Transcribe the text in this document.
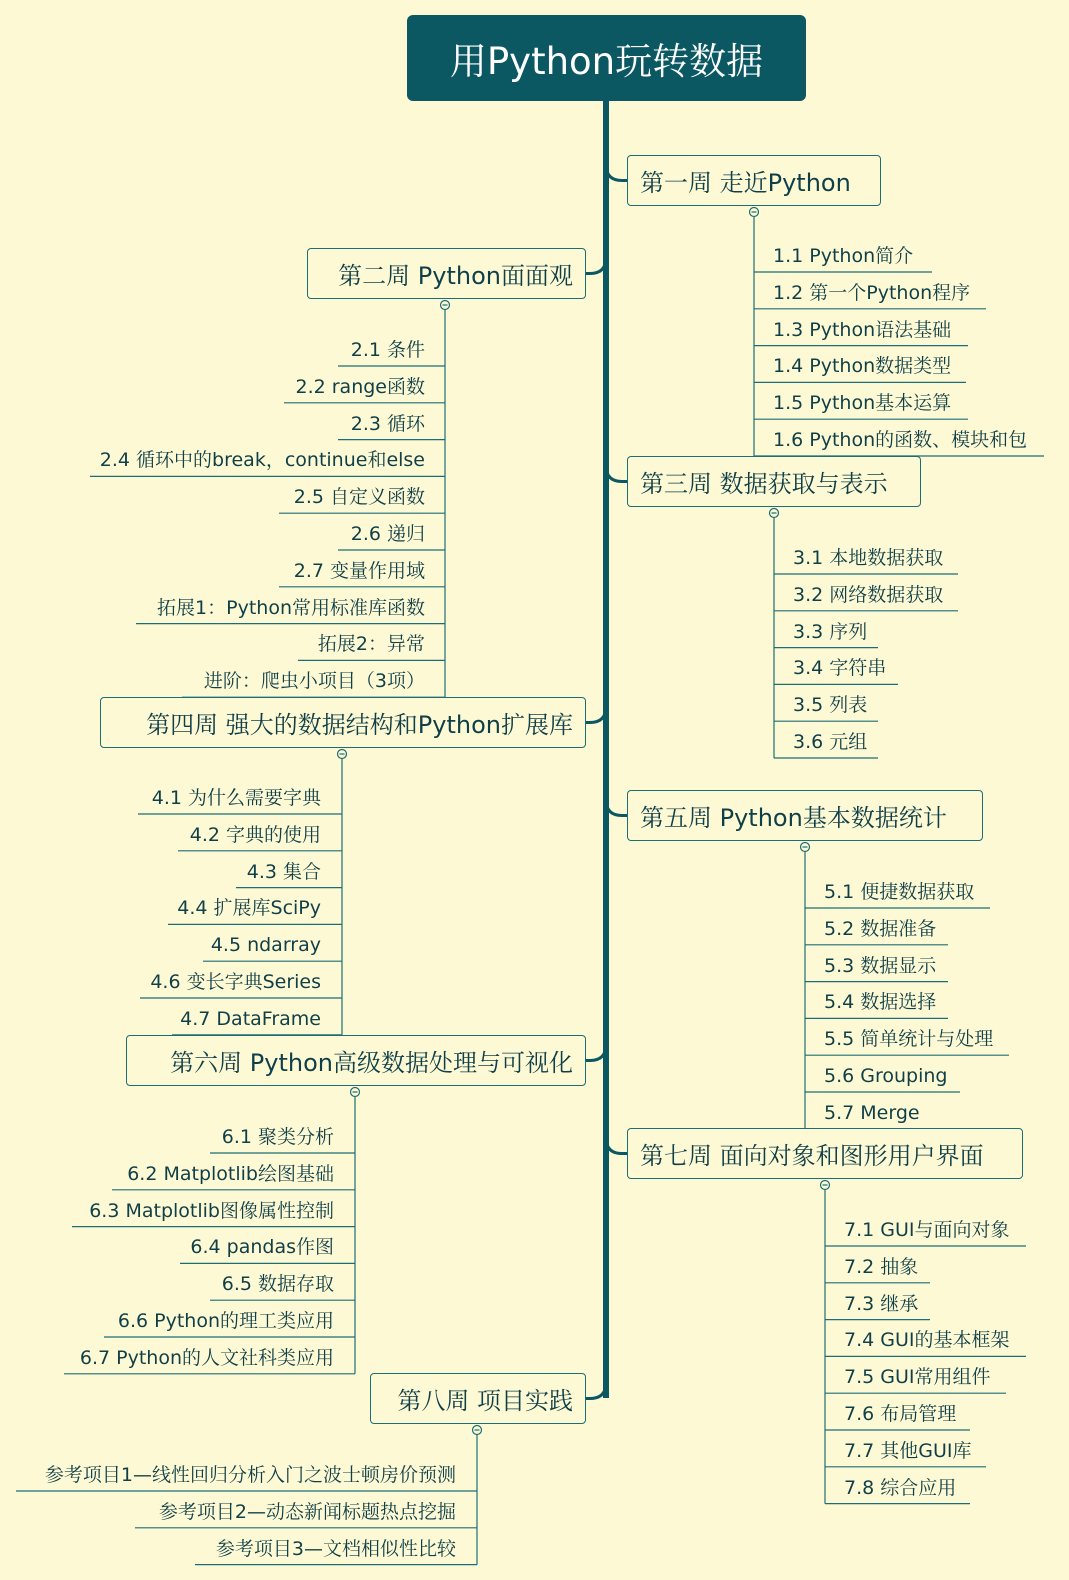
用Python玩转数据
第一周 走近Python
1.1 Python简介
1.2 第一个Python程序
1.3 Python语法基础
1.4 Python数据类型
1.5 Python基本运算
1.6 Python的函数、模块和包
第二周 Python面面观
2.1 条件
2.2 range函数
2.3 循环
2.4 循环中的break，continue和else
2.5 自定义函数
2.6 递归
2.7 变量作用域
拓展1：Python常用标准库函数
拓展2：异常
进阶：爬虫小项目（3项）
第三周 数据获取与表示
3.1 本地数据获取
3.2 网络数据获取
3.3 序列
3.4 字符串
3.5 列表
3.6 元组
第四周 强大的数据结构和Python扩展库
4.1 为什么需要字典
4.2 字典的使用
4.3 集合
4.4 扩展库SciPy
4.5 ndarray
4.6 变长字典Series
4.7 DataFrame
第五周 Python基本数据统计
5.1 便捷数据获取
5.2 数据准备
5.3 数据显示
5.4 数据选择
5.5 简单统计与处理
5.6 Grouping
5.7 Merge
第六周 Python高级数据处理与可视化
6.1 聚类分析
6.2 Matplotlib绘图基础
6.3 Matplotlib图像属性控制
6.4 pandas作图
6.5 数据存取
6.6 Python的理工类应用
6.7 Python的人文社科类应用
第七周 面向对象和图形用户界面
7.1 GUI与面向对象
7.2 抽象
7.3 继承
7.4 GUI的基本框架
7.5 GUI常用组件
7.6 布局管理
7.7 其他GUI库
7.8 综合应用
第八周 项目实践
参考项目1—线性回归分析入门之波士顿房价预测
参考项目2—动态新闻标题热点挖掘
参考项目3—文档相似性比较
